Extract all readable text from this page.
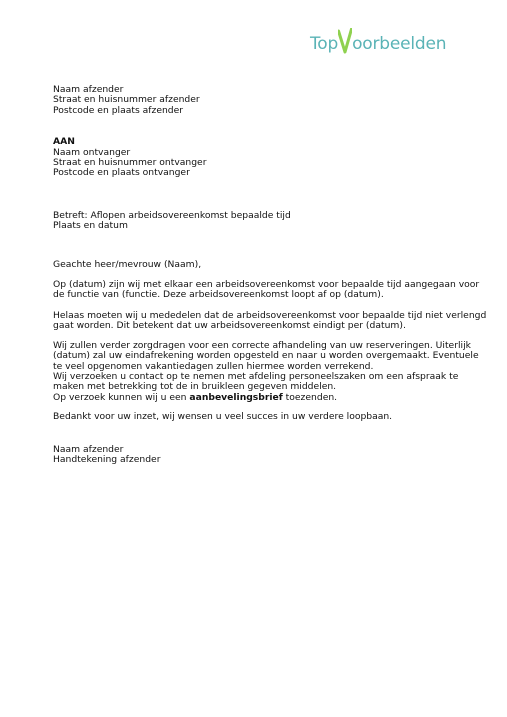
Top oorbeelden
Naam afzender
Straat en huisnummer afzender
Postcode en plaats afzender
AAN
Naam ontvanger
Straat en huisnummer ontvanger
Postcode en plaats ontvanger
Betreft: Aflopen arbeidsovereenkomst bepaalde tijd
Plaats en datum
Geachte heer/mevrouw (Naam),
Op (datum) zijn wij met elkaar een arbeidsovereenkomst voor bepaalde tijd aangegaan voor
de functie van (functie. Deze arbeidsovereenkomst loopt af op (datum).
Helaas moeten wij u mededelen dat de arbeidsovereenkomst voor bepaalde tijd niet verlengd
gaat worden. Dit betekent dat uw arbeidsovereenkomst eindigt per (datum).
Wij zullen verder zorgdragen voor een correcte afhandeling van uw reserveringen. Uiterlijk
(datum) zal uw eindafrekening worden opgesteld en naar u worden overgemaakt. Eventuele
te veel opgenomen vakantiedagen zullen hiermee worden verrekend.
Wij verzoeken u contact op te nemen met afdeling personeelszaken om een afspraak te
maken met betrekking tot de in bruikleen gegeven middelen.
Op verzoek kunnen wij u een aanbevelingsbrief toezenden.
Bedankt voor uw inzet, wij wensen u veel succes in uw verdere loopbaan.
Naam afzender
Handtekening afzender
